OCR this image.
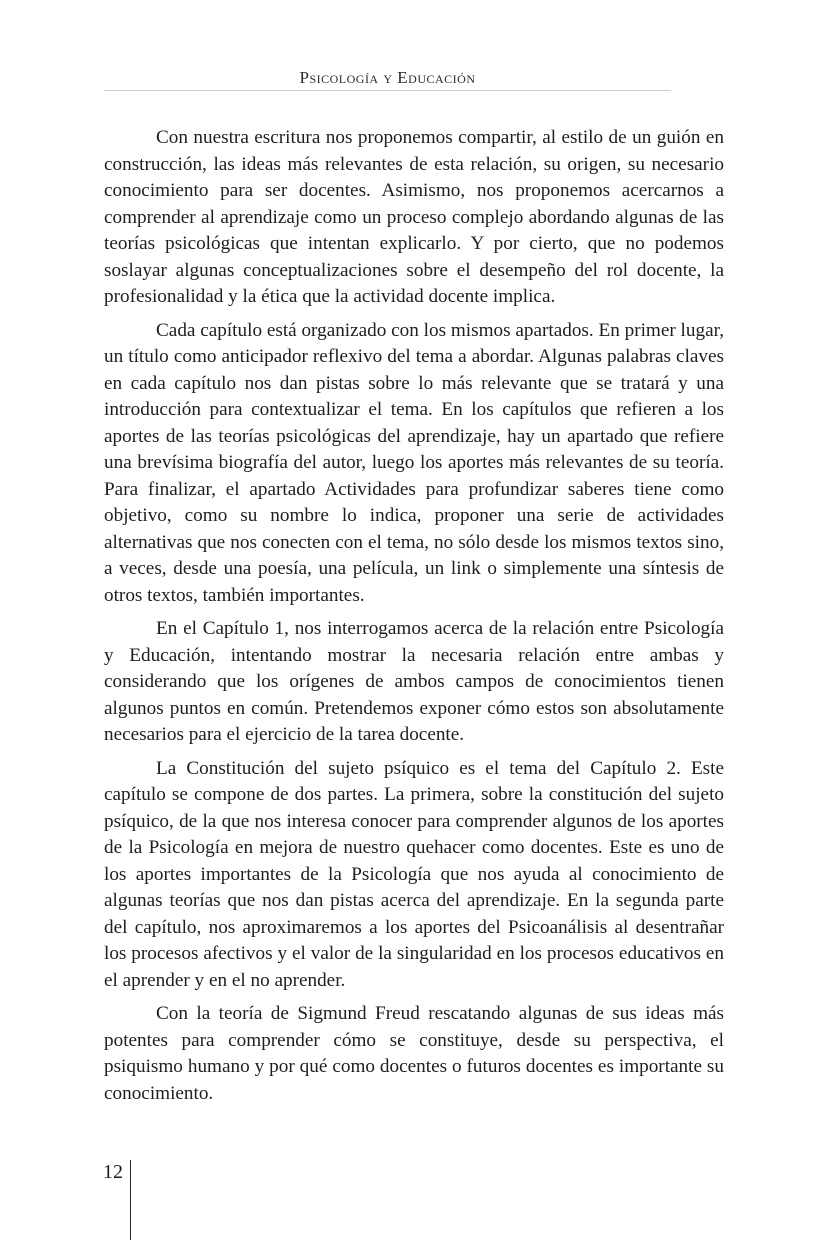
Psicología y Educación

Con nuestra escritura nos proponemos compartir, al estilo de un guión en construcción, las ideas más relevantes de esta relación, su origen, su necesario conocimiento para ser docentes. Asimismo, nos proponemos acercarnos a comprender al aprendizaje como un proceso complejo abordando algunas de las teorías psicológicas que intentan explicarlo. Y por cierto, que no podemos soslayar algunas conceptualizaciones sobre el desempeño del rol docente, la profesionalidad y la ética que la actividad docente implica.

Cada capítulo está organizado con los mismos apartados. En primer lugar, un título como anticipador reflexivo del tema a abordar. Algunas palabras claves en cada capítulo nos dan pistas sobre lo más relevante que se tratará y una introducción para contextualizar el tema. En los capítulos que refieren a los aportes de las teorías psicológicas del aprendizaje, hay un apartado que refiere una brevísima biografía del autor, luego los aportes más relevantes de su teoría. Para finalizar, el apartado Actividades para profundizar saberes tiene como objetivo, como su nombre lo indica, proponer una serie de actividades alternativas que nos conecten con el tema, no sólo desde los mismos textos sino, a veces, desde una poesía, una película, un link o simplemente una síntesis de otros textos, también importantes.

En el Capítulo 1, nos interrogamos acerca de la relación entre Psicología y Educación, intentando mostrar la necesaria relación entre ambas y considerando que los orígenes de ambos campos de conocimientos tienen algunos puntos en común. Pretendemos exponer cómo estos son absolutamente necesarios para el ejercicio de la tarea docente.

La Constitución del sujeto psíquico es el tema del Capítulo 2. Este capítulo se compone de dos partes. La primera, sobre la constitución del sujeto psíquico, de la que nos interesa conocer para comprender algunos de los aportes de la Psicología en mejora de nuestro quehacer como docentes. Este es uno de los aportes importantes de la Psicología que nos ayuda al conocimiento de algunas teorías que nos dan pistas acerca del aprendizaje. En la segunda parte del capítulo, nos aproximaremos a los aportes del Psicoanálisis al desentrañar los procesos afectivos y el valor de la singularidad en los procesos educativos en el aprender y en el no aprender.

Con la teoría de Sigmund Freud rescatando algunas de sus ideas más potentes para comprender cómo se constituye, desde su perspectiva, el psiquismo humano y por qué como docentes o futuros docentes es importante su conocimiento.

12
